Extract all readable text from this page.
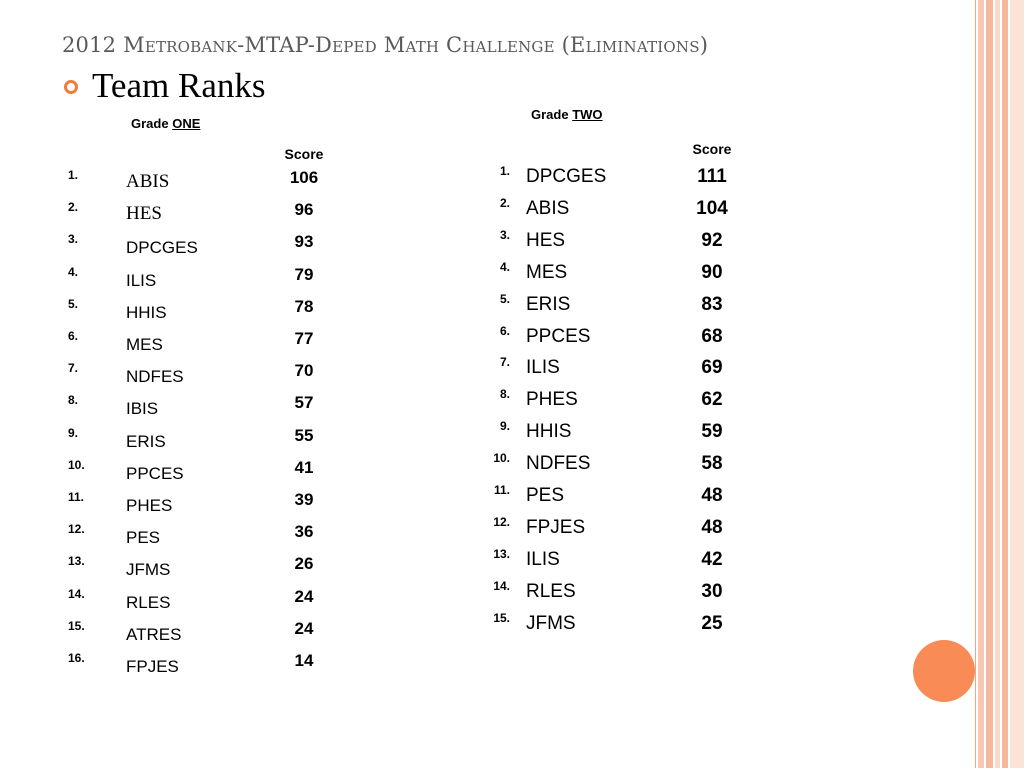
2012 Metrobank-MTAP-Deped Math Challenge (Eliminations)
Team Ranks
Grade ONE
Score
1.	ABIS	106
2.	HES	96
3.	DPCGES	93
4.	ILIS	79
5.	HHIS	78
6.	MES	77
7.	NDFES	70
8.	IBIS	57
9.	ERIS	55
10. PPCES	41
11. PHES	39
12. PES	36
13. JFMS	26
14. RLES	24
15. ATRES	24
16. FPJES	14
Grade TWO
Score
1. DPCGES	111
2. ABIS	104
3. HES	92
4. MES	90
5. ERIS	83
6. PPCES	68
7. ILIS	69
8. PHES	62
9. HHIS	59
10. NDFES	58
11. PES	48
12. FPJES	48
13. ILIS	42
14. RLES	30
15. JFMS	25
